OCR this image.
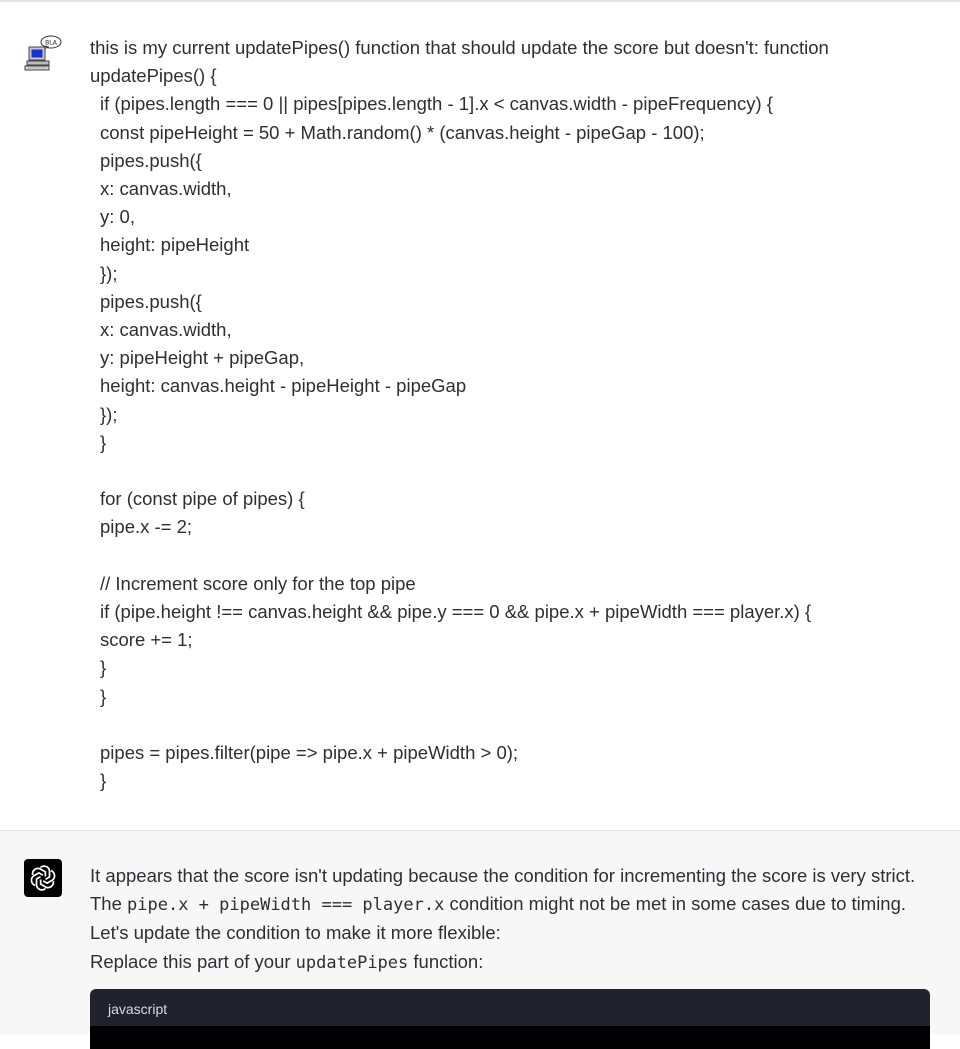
BLA this is my current updatePipes() function that should update the score but doesn't: function
updatePipes() {
if (pipes.length === 0 || pipes[pipes.length - 1].x < canvas.width - pipeFrequency) {
const pipeHeight = 50 + Math.random() * (canvas.height - pipeGap - 100);
pipes.push({
x: canvas.width,
y: 0,
height: pipeHeight
});
pipes.push({
x: canvas.width,
y: pipeHeight + pipeGap,
height: canvas.height - pipeHeight - pipeGap
});
}
for (const pipe of pipes) {
pipe.x -= 2;
// Increment score only for the top pipe
if (pipe.height !== canvas.height && pipe.y === 0 && pipe.x + pipeWidth === player.x) {
score += 1;
}
}
pipes = pipes.filter(pipe => pipe.x + pipeWidth > 0);
}
It appears that the score isn't updating because the condition for incrementing the score is very strict. The pipe.x + pipeWidth === player.x condition might not be met in some cases due to timing. Let's update the condition to make it more flexible:
Replace this part of your updatePipes function:
javascript
